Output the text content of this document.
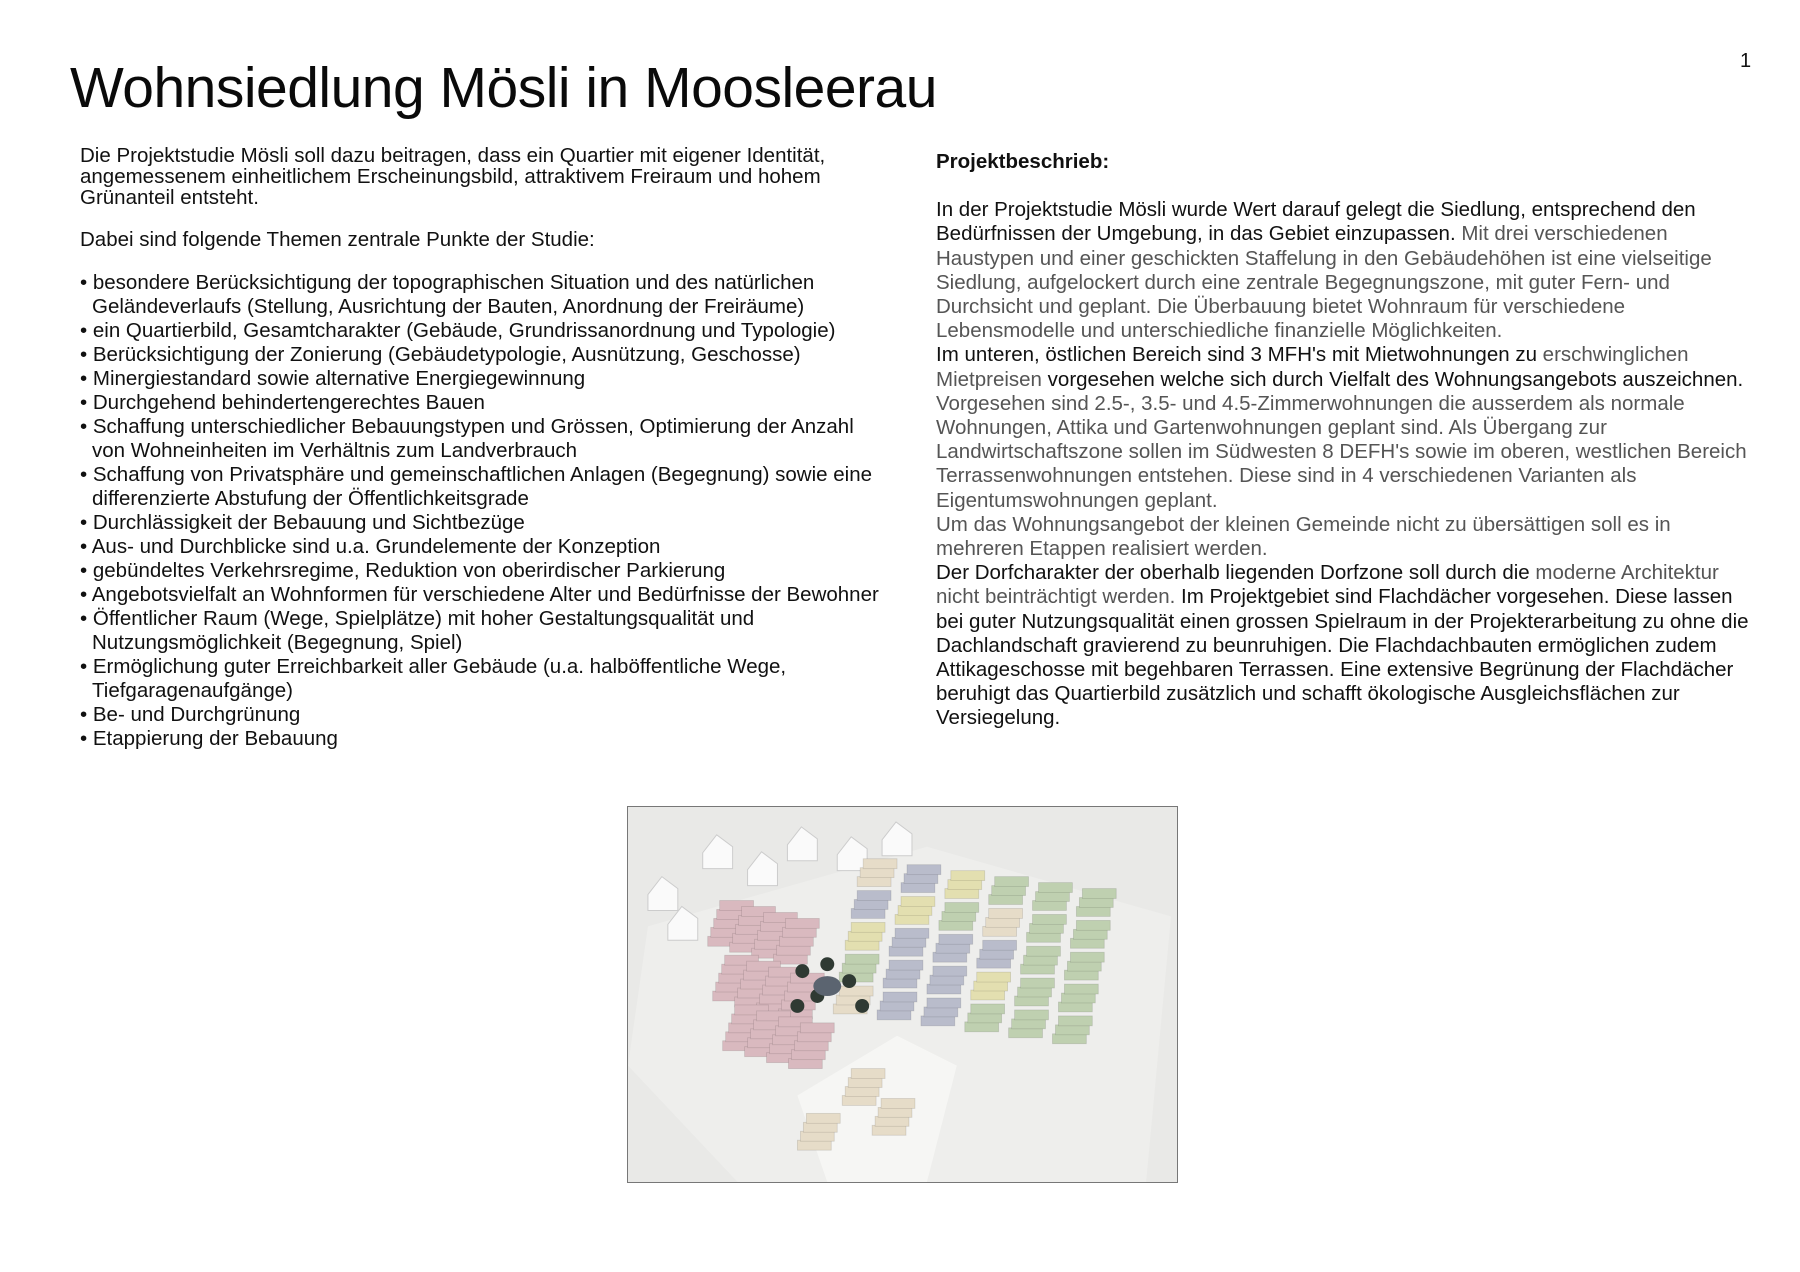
1
Wohnsiedlung Mösli in Moosleerau

Die Projektstudie Mösli soll dazu beitragen, dass ein Quartier mit eigener Identität, angemessenem einheitlichem Erscheinungsbild, attraktivem Freiraum und hohem Grünanteil entsteht.

Dabei sind folgende Themen zentrale Punkte der Studie:

• besondere Berücksichtigung der topographischen Situation und des natürlichen Geländeverlaufs (Stellung, Ausrichtung der Bauten, Anordnung der Freiräume)
• ein Quartierbild, Gesamtcharakter (Gebäude, Grundrissanordnung und Typologie)
• Berücksichtigung der Zonierung (Gebäudetypologie, Ausnützung, Geschosse)
• Minergiestandard sowie alternative Energiegewinnung
• Durchgehend behindertengerechtes Bauen
• Schaffung unterschiedlicher Bebauungstypen und Grössen, Optimierung der Anzahl von Wohneinheiten im Verhältnis zum Landverbrauch
• Schaffung von Privatsphäre und gemeinschaftlichen Anlagen (Begegnung) sowie eine differenzierte Abstufung der Öffentlichkeitsgrade
• Durchlässigkeit der Bebauung und Sichtbezüge
• Aus- und Durchblicke sind u.a. Grundelemente der Konzeption
• gebündeltes Verkehrsregime, Reduktion von oberirdischer Parkierung
• Angebotsvielfalt an Wohnformen für verschiedene Alter und Bedürfnisse der Bewohner
• Öffentlicher Raum (Wege, Spielplätze) mit hoher Gestaltungsqualität und Nutzungsmöglichkeit (Begegnung, Spiel)
• Ermöglichung guter Erreichbarkeit aller Gebäude (u.a. halböffentliche Wege, Tiefgaragenaufgänge)
• Be- und Durchgrünung
• Etappierung der Bebauung

Projektbeschrieb:

In der Projektstudie Mösli wurde Wert darauf gelegt die Siedlung, entsprechend den Bedürfnissen der Umgebung, in das Gebiet einzupassen. Mit drei verschiedenen Haustypen und einer geschickten Staffelung in den Gebäudehöhen ist eine vielseitige Siedlung, aufgelockert durch eine zentrale Begegnungszone, mit guter Fern- und Durchsicht und geplant. Die Überbauung bietet Wohnraum für verschiedene Lebensmodelle und unterschiedliche finanzielle Möglichkeiten.
Im unteren, östlichen Bereich sind 3 MFH's mit Mietwohnungen zu erschwinglichen Mietpreisen vorgesehen welche sich durch Vielfalt des Wohnungsangebots auszeichnen.
Vorgesehen sind 2.5-, 3.5- und 4.5-Zimmerwohnungen die ausserdem als normale Wohnungen, Attika und Gartenwohnungen geplant sind. Als Übergang zur Landwirtschaftszone sollen im Südwesten 8 DEFH's sowie im oberen, westlichen Bereich Terrassenwohnungen entstehen. Diese sind in 4 verschiedenen Varianten als Eigentumswohnungen geplant.
Um das Wohnungsangebot der kleinen Gemeinde nicht zu übersättigen soll es in mehreren Etappen realisiert werden.
Der Dorfcharakter der oberhalb liegenden Dorfzone soll durch die moderne Architektur nicht beinträchtigt werden. Im Projektgebiet sind Flachdächer vorgesehen. Diese lassen bei guter Nutzungsqualität einen grossen Spielraum in der Projekterarbeitung zu ohne die Dachlandschaft gravierend zu beunruhigen. Die Flachdachbauten ermöglichen zudem Attikageschosse mit begehbaren Terrassen. Eine extensive Begrünung der Flachdächer beruhigt das Quartierbild zusätzlich und schafft ökologische Ausgleichsflächen zur Versiegelung.
